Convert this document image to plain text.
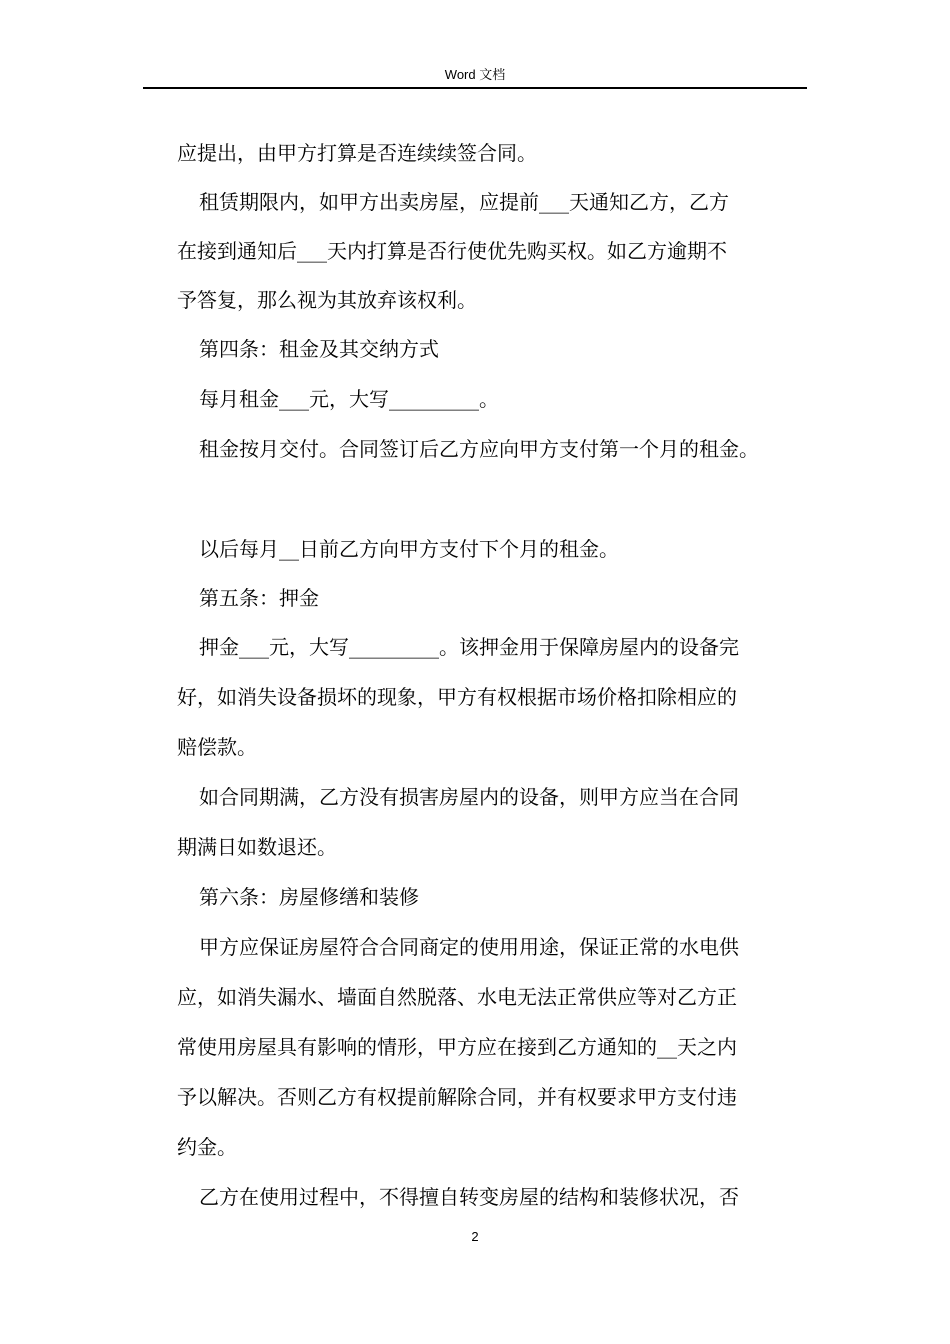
Word 文档
应提出，由甲方打算是否连续续签合同。
租赁期限内，如甲方出卖房屋，应提前___天通知乙方，乙方
在接到通知后___天内打算是否行使优先购买权。如乙方逾期不
予答复，那么视为其放弃该权利。
第四条：租金及其交纳方式
每月租金___元，大写_________。
租金按月交付。合同签订后乙方应向甲方支付第一个月的租金。
以后每月__日前乙方向甲方支付下个月的租金。
第五条：押金
押金___元，大写_________。该押金用于保障房屋内的设备完
好，如消失设备损坏的现象，甲方有权根据市场价格扣除相应的
赔偿款。
如合同期满，乙方没有损害房屋内的设备，则甲方应当在合同
期满日如数退还。
第六条：房屋修缮和装修
甲方应保证房屋符合合同商定的使用用途，保证正常的水电供
应，如消失漏水、墙面自然脱落、水电无法正常供应等对乙方正
常使用房屋具有影响的情形，甲方应在接到乙方通知的__天之内
予以解决。否则乙方有权提前解除合同，并有权要求甲方支付违
约金。
乙方在使用过程中，不得擅自转变房屋的结构和装修状况，否
2
